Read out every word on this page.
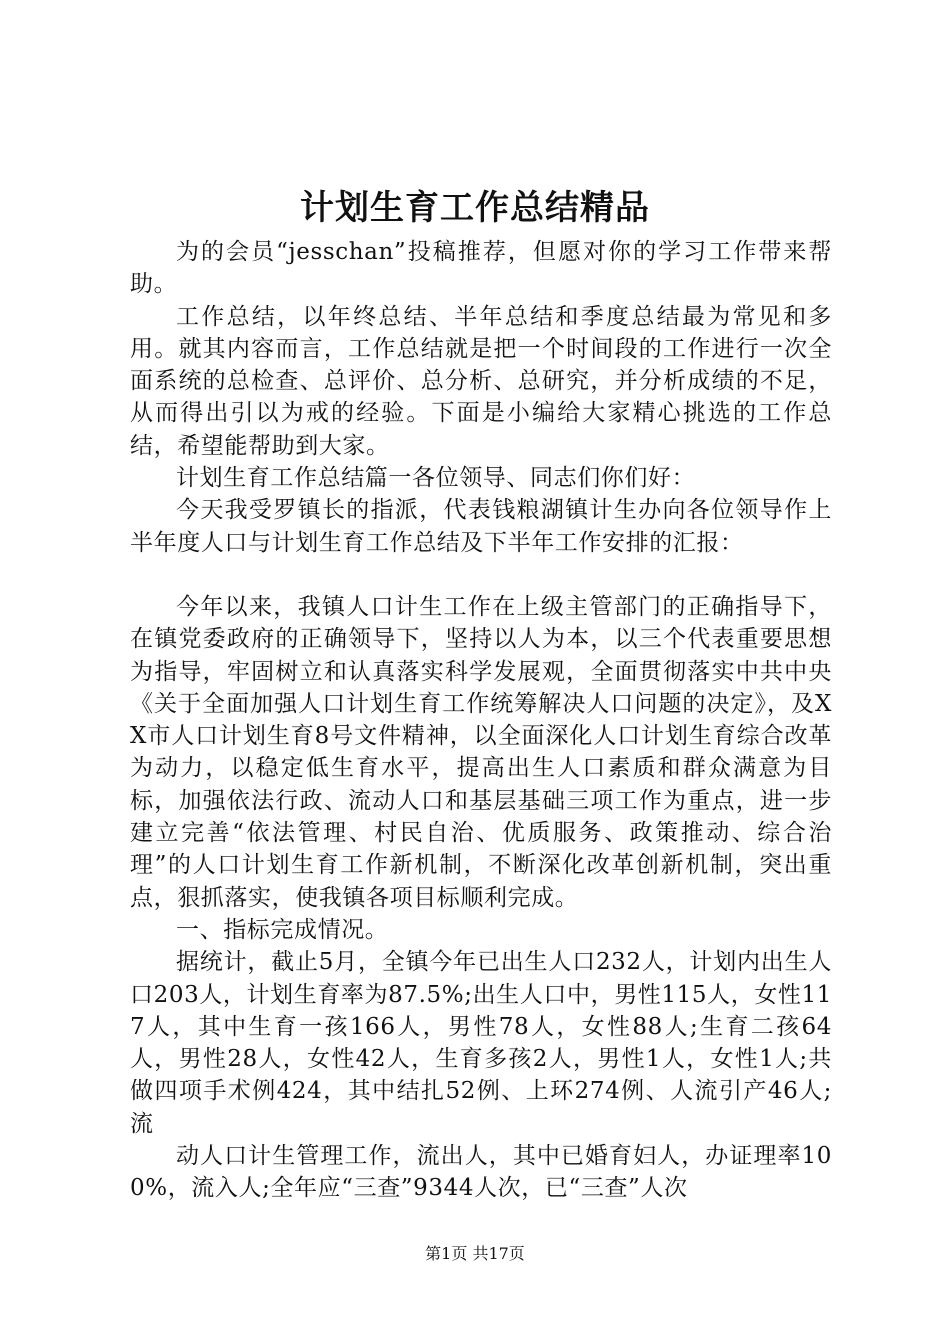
计划生育工作总结精品

为的会员“jesschan”投稿推荐，但愿对你的学习工作带来帮助。

工作总结，以年终总结、半年总结和季度总结最为常见和多用。就其内容而言，工作总结就是把一个时间段的工作进行一次全面系统的总检查、总评价、总分析、总研究，并分析成绩的不足，从而得出引以为戒的经验。下面是小编给大家精心挑选的工作总结，希望能帮助到大家。

计划生育工作总结篇一各位领导、同志们你们好：

今天我受罗镇长的指派，代表钱粮湖镇计生办向各位领导作上半年度人口与计划生育工作总结及下半年工作安排的汇报：

今年以来，我镇人口计生工作在上级主管部门的正确指导下，在镇党委政府的正确领导下，坚持以人为本，以三个代表重要思想为指导，牢固树立和认真落实科学发展观，全面贯彻落实中共中央《关于全面加强人口计划生育工作统筹解决人口问题的决定》，及XX市人口计划生育8号文件精神，以全面深化人口计划生育综合改革为动力，以稳定低生育水平，提高出生人口素质和群众满意为目标，加强依法行政、流动人口和基层基础三项工作为重点，进一步建立完善“依法管理、村民自治、优质服务、政策推动、综合治理”的人口计划生育工作新机制，不断深化改革创新机制，突出重点，狠抓落实，使我镇各项目标顺利完成。

一、指标完成情况。

据统计，截止5月，全镇今年已出生人口232人，计划内出生人口203人，计划生育率为87.5%;出生人口中，男性115人，女性117人，其中生育一孩166人，男性78人，女性88人;生育二孩64人，男性28人，女性42人，生育多孩2人，男性1人，女性1人;共做四项手术例424，其中结扎52例、上环274例、人流引产46人;流

动人口计生管理工作，流出人，其中已婚育妇人，办证理率100%，流入人;全年应“三查”9344人次，已“三查”人次

第1页 共17页
